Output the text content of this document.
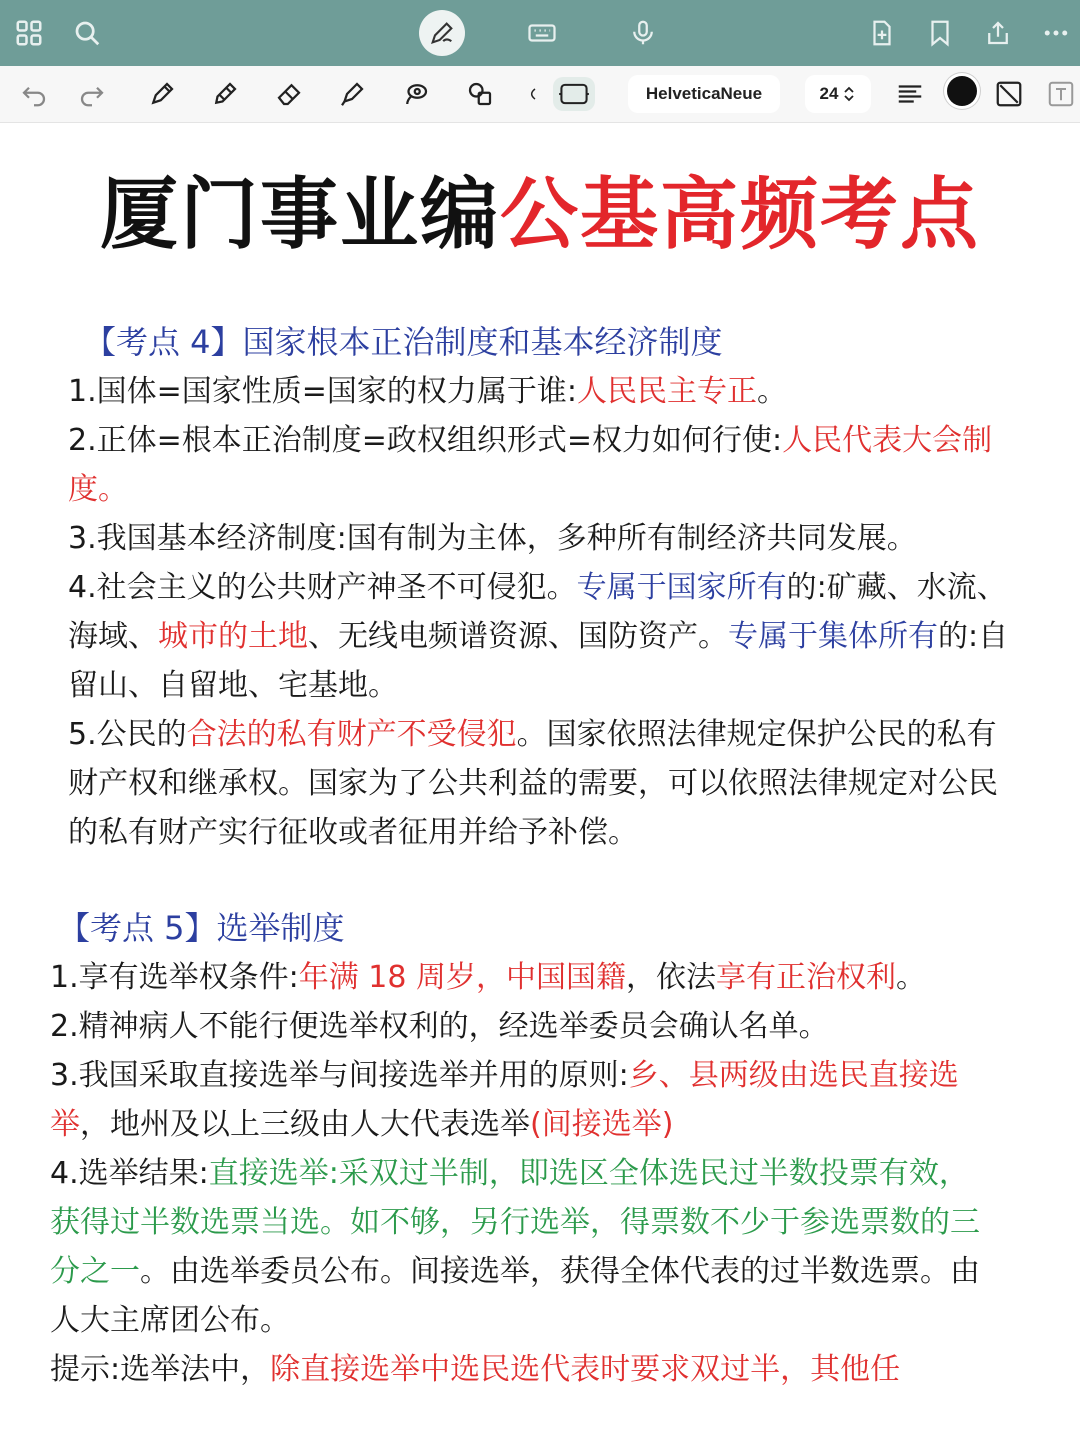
HelveticaNeue	24
厦门事业编公基高频考点
【考点 4】国家根本正治制度和基本经济制度
1.国体=国家性质=国家的权力属于谁:人民民主专正。
2.正体=根本正治制度=政权组织形式=权力如何行使:人民代表大会制度。
3.我国基本经济制度:国有制为主体，多种所有制经济共同发展。
4.社会主义的公共财产神圣不可侵犯。专属于国家所有的:矿藏、水流、海域、城市的土地、无线电频谱资源、国防资产。专属于集体所有的:自留山、自留地、宅基地。
5.公民的合法的私有财产不受侵犯。国家依照法律规定保护公民的私有财产权和继承权。国家为了公共利益的需要，可以依照法律规定对公民的私有财产实行征收或者征用并给予补偿。
【考点 5】选举制度
1.享有选举权条件:年满 18 周岁，中国国籍，依法享有正治权利。
2.精神病人不能行便选举权利的，经选举委员会确认名单。
3.我国采取直接选举与间接选举并用的原则:乡、县两级由选民直接选举，地州及以上三级由人大代表选举(间接选举)
4.选举结果:直接选举:采双过半制，即选区全体选民过半数投票有效，获得过半数选票当选。如不够，另行选举，得票数不少于参选票数的三分之一。由选举委员公布。间接选举，获得全体代表的过半数选票。由人大主席团公布。
提示:选举法中，除直接选举中选民选代表时要求双过半，其他任
